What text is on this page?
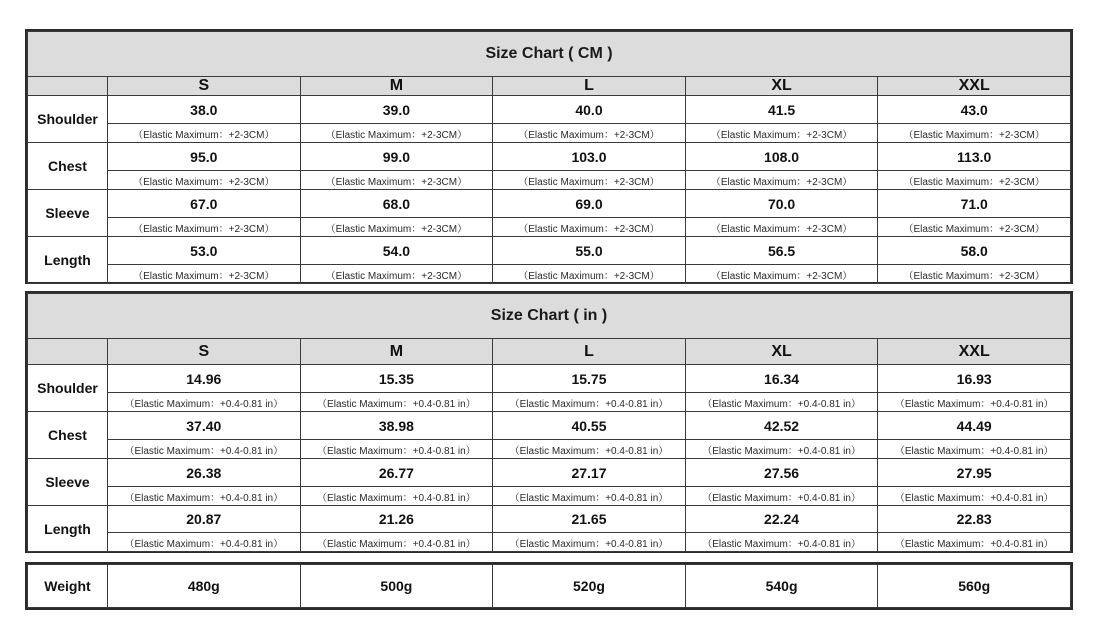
Size Chart ( CM )					
	S	M	L	XL	XXL
Shoulder	38.0	39.0	40.0	41.5	43.0
	（Elastic Maximum：+2-3CM）	（Elastic Maximum：+2-3CM）	（Elastic Maximum：+2-3CM）	（Elastic Maximum：+2-3CM）	（Elastic Maximum：+2-3CM）
Chest	95.0	99.0	103.0	108.0	113.0
	（Elastic Maximum：+2-3CM）	（Elastic Maximum：+2-3CM）	（Elastic Maximum：+2-3CM）	（Elastic Maximum：+2-3CM）	（Elastic Maximum：+2-3CM）
Sleeve	67.0	68.0	69.0	70.0	71.0
	（Elastic Maximum：+2-3CM）	（Elastic Maximum：+2-3CM）	（Elastic Maximum：+2-3CM）	（Elastic Maximum：+2-3CM）	（Elastic Maximum：+2-3CM）
Length	53.0	54.0	55.0	56.5	58.0
	（Elastic Maximum：+2-3CM）	（Elastic Maximum：+2-3CM）	（Elastic Maximum：+2-3CM）	（Elastic Maximum：+2-3CM）	（Elastic Maximum：+2-3CM）
Size Chart ( in )					
	S	M	L	XL	XXL
Shoulder	14.96	15.35	15.75	16.34	16.93
	（Elastic Maximum：+0.4-0.81 in）	（Elastic Maximum：+0.4-0.81 in）	（Elastic Maximum：+0.4-0.81 in）	（Elastic Maximum：+0.4-0.81 in）	（Elastic Maximum：+0.4-0.81 in）
Chest	37.40	38.98	40.55	42.52	44.49
	（Elastic Maximum：+0.4-0.81 in）	（Elastic Maximum：+0.4-0.81 in）	（Elastic Maximum：+0.4-0.81 in）	（Elastic Maximum：+0.4-0.81 in）	（Elastic Maximum：+0.4-0.81 in）
Sleeve	26.38	26.77	27.17	27.56	27.95
	（Elastic Maximum：+0.4-0.81 in）	（Elastic Maximum：+0.4-0.81 in）	（Elastic Maximum：+0.4-0.81 in）	（Elastic Maximum：+0.4-0.81 in）	（Elastic Maximum：+0.4-0.81 in）
Length	20.87	21.26	21.65	22.24	22.83
	（Elastic Maximum：+0.4-0.81 in）	（Elastic Maximum：+0.4-0.81 in）	（Elastic Maximum：+0.4-0.81 in）	（Elastic Maximum：+0.4-0.81 in）	（Elastic Maximum：+0.4-0.81 in）
Weight	480g	500g	520g	540g	560g
